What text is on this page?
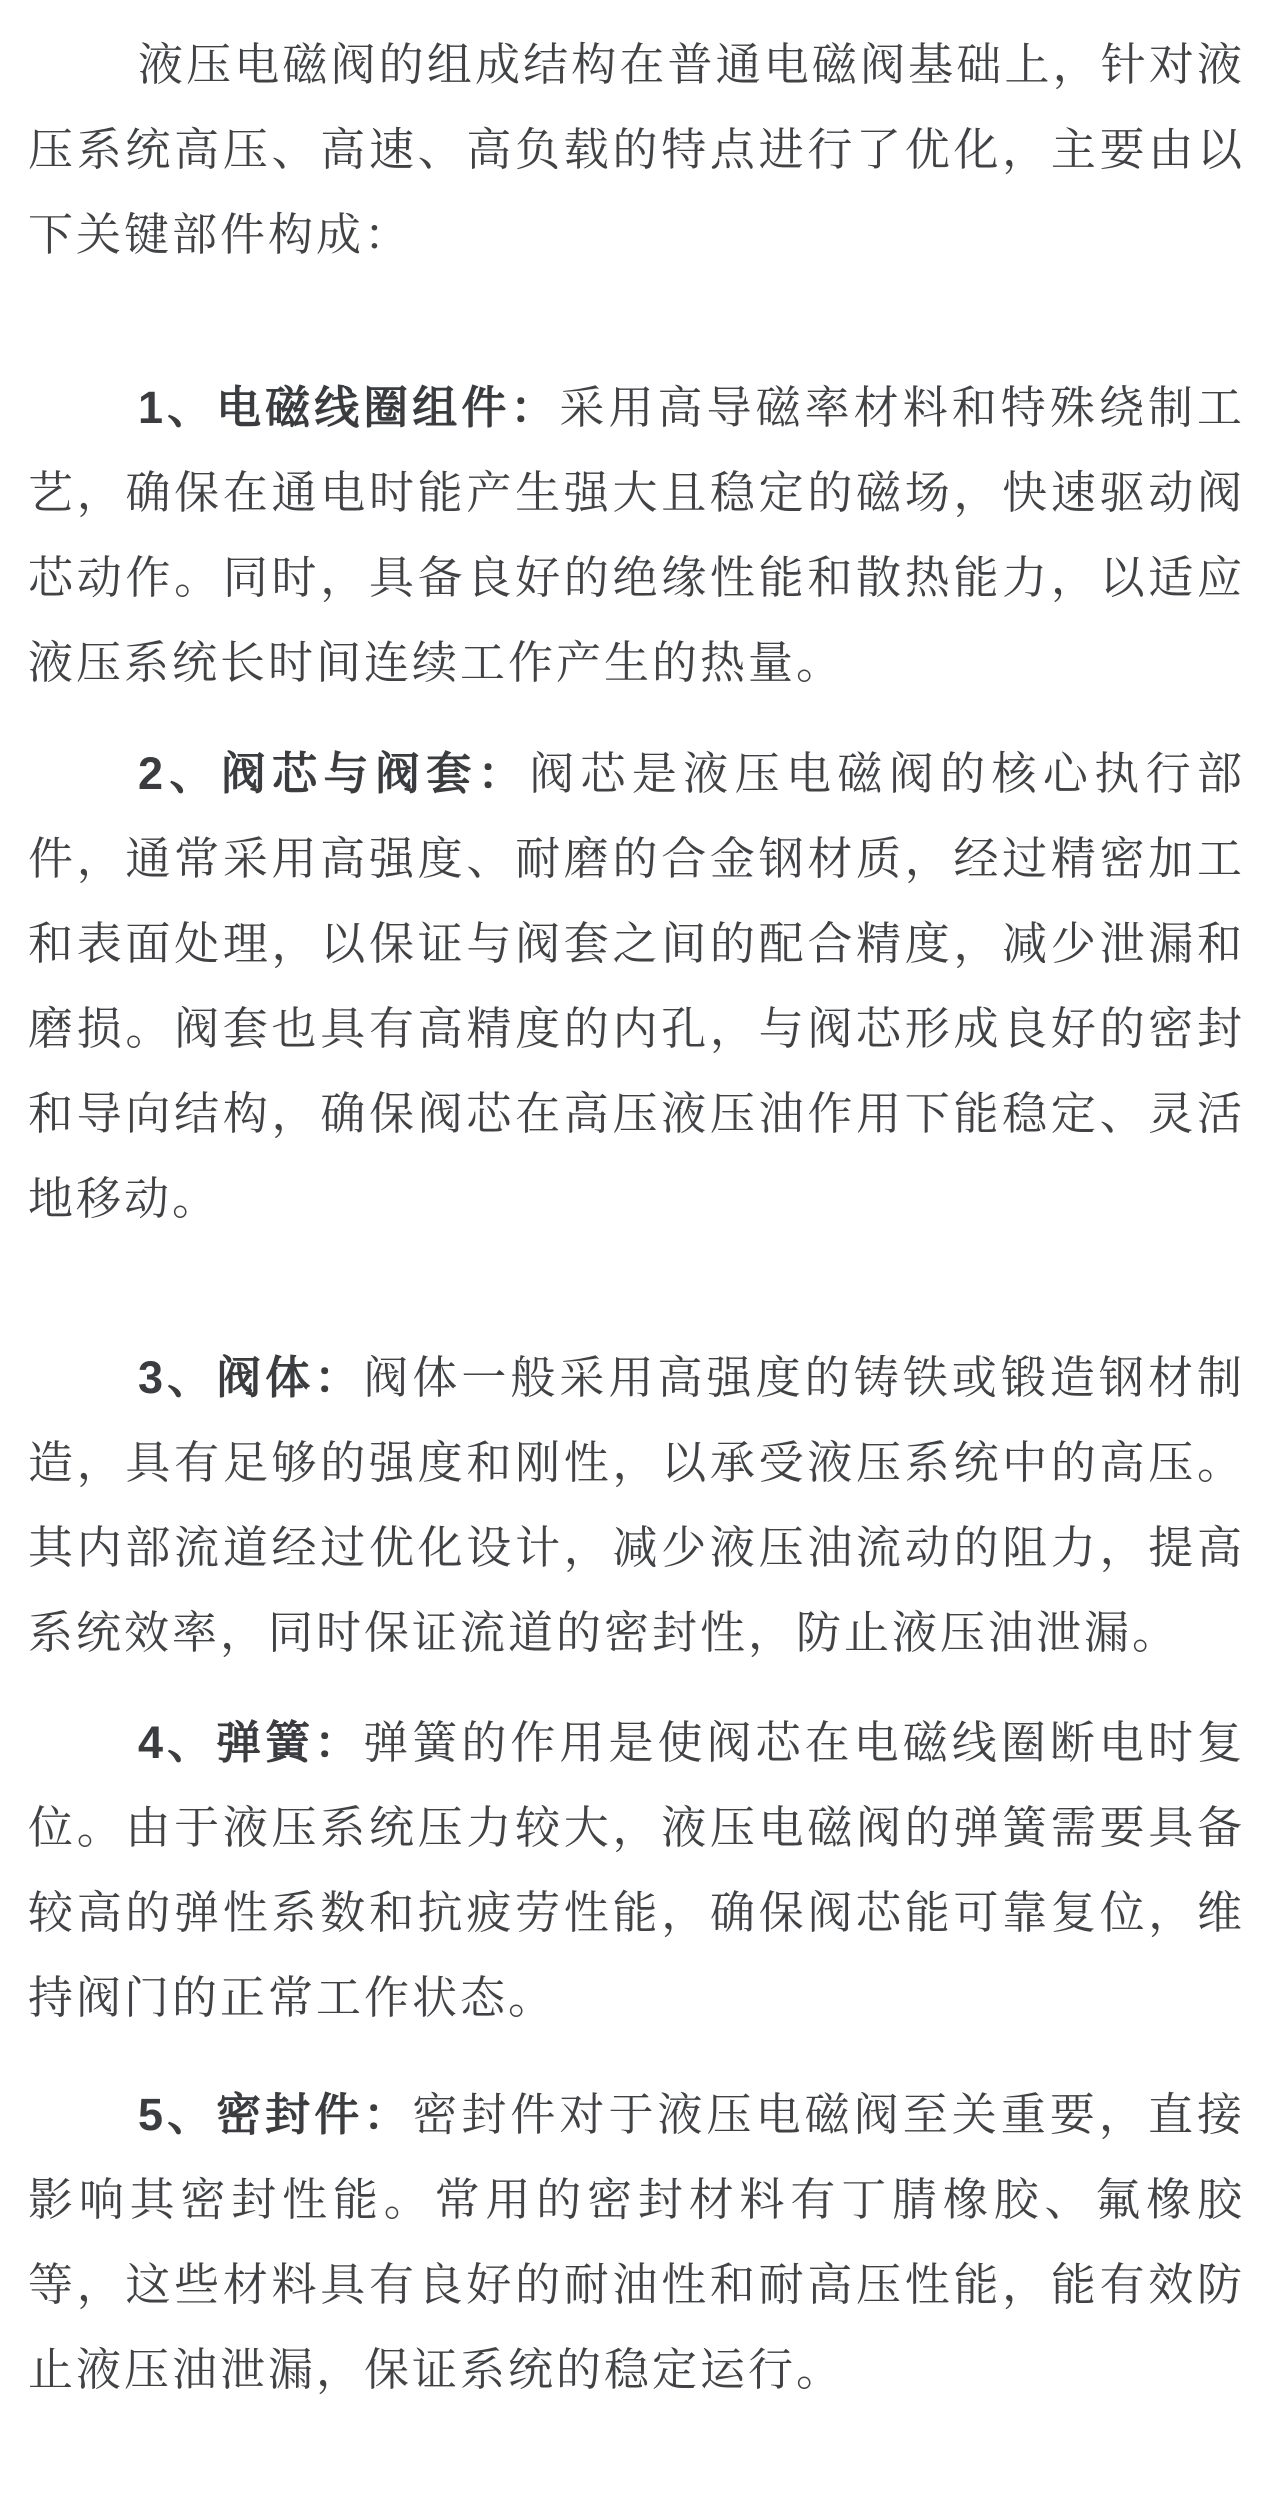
液压电磁阀的组成结构在普通电磁阀基础上，针对液压系统高压、高速、高负载的特点进行了优化，主要由以下关键部件构成：

1、电磁线圈组件：采用高导磁率材料和特殊绕制工艺，确保在通电时能产生强大且稳定的磁场，快速驱动阀芯动作。同时，具备良好的绝缘性能和散热能力，以适应液压系统长时间连续工作产生的热量。

2、阀芯与阀套：阀芯是液压电磁阀的核心执行部件，通常采用高强度、耐磨的合金钢材质，经过精密加工和表面处理，以保证与阀套之间的配合精度，减少泄漏和磨损。阀套也具有高精度的内孔，与阀芯形成良好的密封和导向结构，确保阀芯在高压液压油作用下能稳定、灵活地移动。

3、阀体：阀体一般采用高强度的铸铁或锻造钢材制造，具有足够的强度和刚性，以承受液压系统中的高压。其内部流道经过优化设计，减少液压油流动的阻力，提高系统效率，同时保证流道的密封性，防止液压油泄漏。

4、弹簧：弹簧的作用是使阀芯在电磁线圈断电时复位。由于液压系统压力较大，液压电磁阀的弹簧需要具备较高的弹性系数和抗疲劳性能，确保阀芯能可靠复位，维持阀门的正常工作状态。

5、密封件：密封件对于液压电磁阀至关重要，直接影响其密封性能。常用的密封材料有丁腈橡胶、氟橡胶等，这些材料具有良好的耐油性和耐高压性能，能有效防止液压油泄漏，保证系统的稳定运行。
